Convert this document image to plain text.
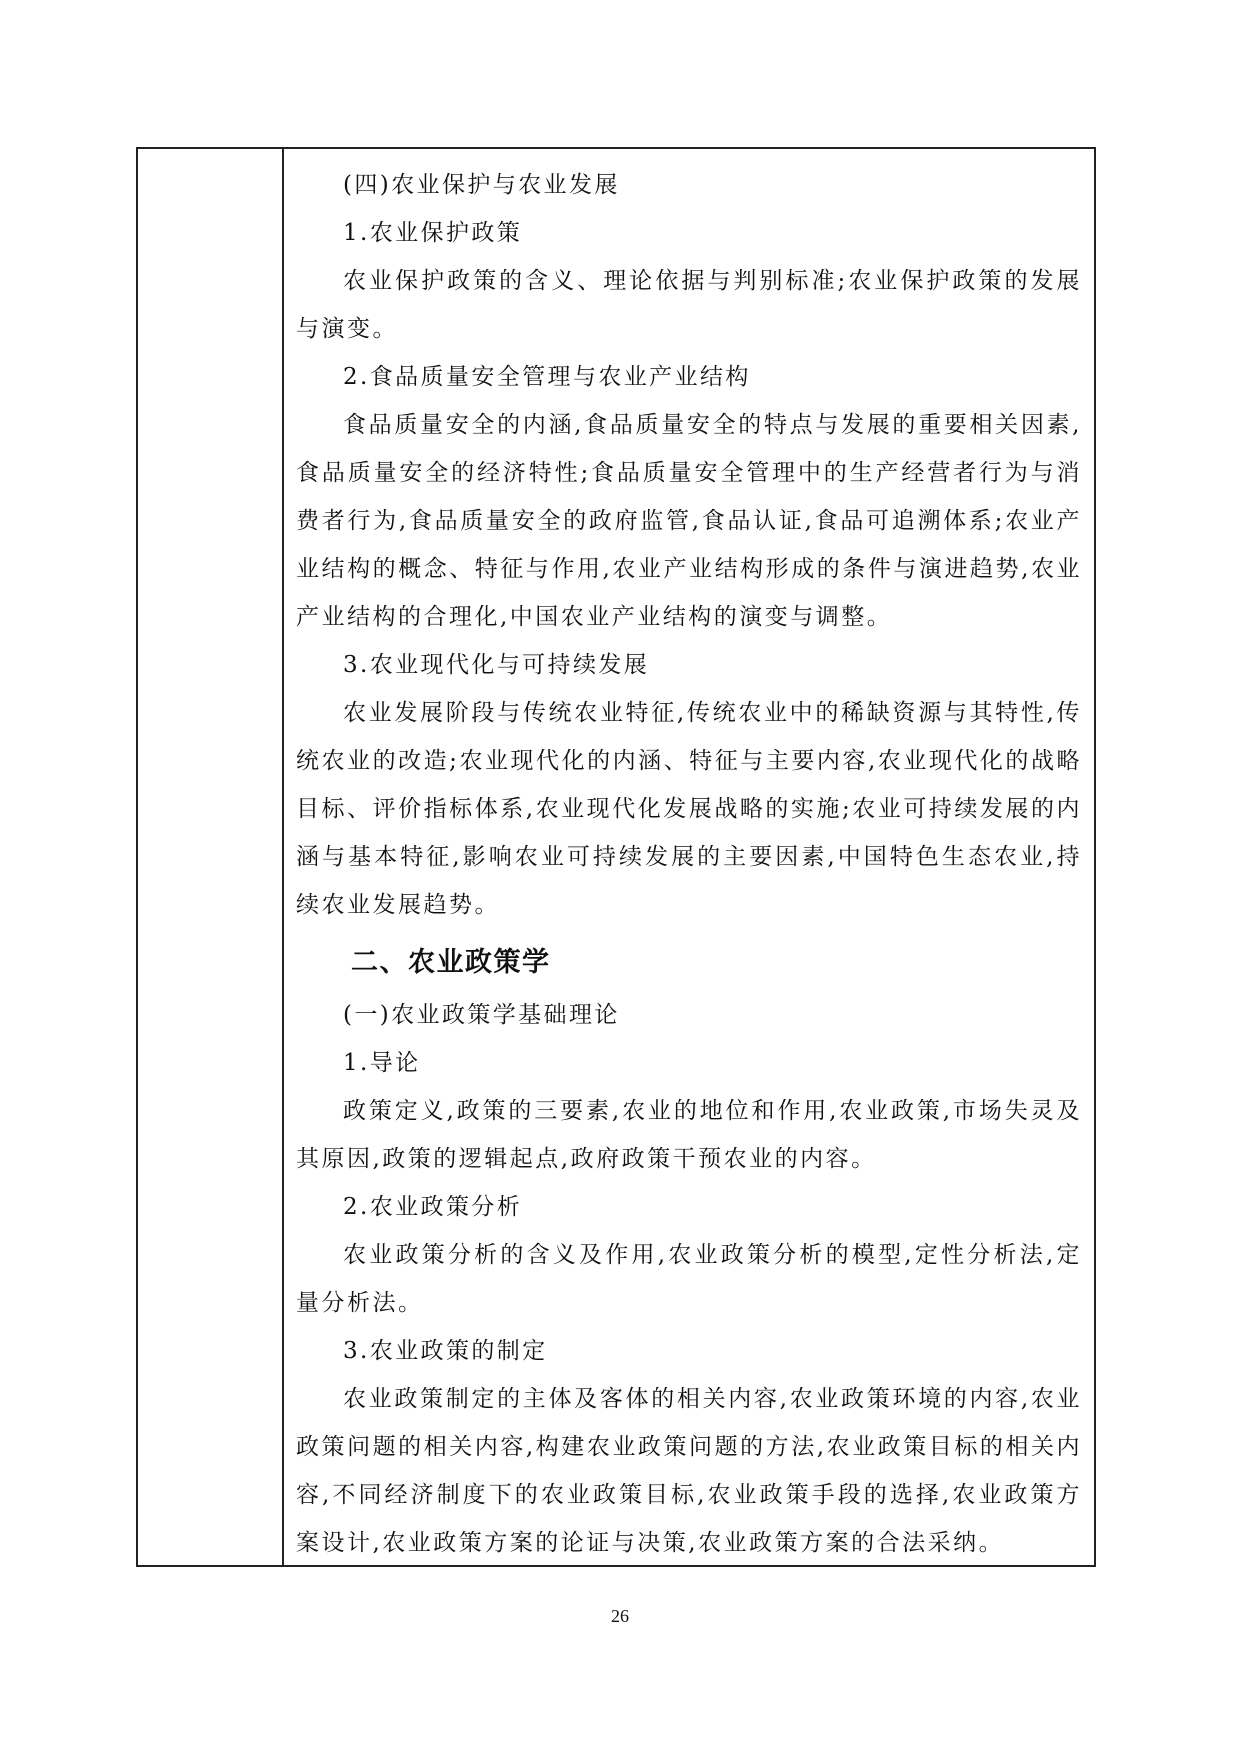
(四)农业保护与农业发展
1.农业保护政策

农业保护政策的含义、理论依据与判别标准;农业保护政策的发展与演变。

2.食品质量安全管理与农业产业结构

食品质量安全的内涵,食品质量安全的特点与发展的重要相关因素,食品质量安全的经济特性;食品质量安全管理中的生产经营者行为与消费者行为,食品质量安全的政府监管,食品认证,食品可追溯体系;农业产业结构的概念、特征与作用,农业产业结构形成的条件与演进趋势,农业产业结构的合理化,中国农业产业结构的演变与调整。

3.农业现代化与可持续发展

农业发展阶段与传统农业特征,传统农业中的稀缺资源与其特性,传统农业的改造;农业现代化的内涵、特征与主要内容,农业现代化的战略目标、评价指标体系,农业现代化发展战略的实施;农业可持续发展的内涵与基本特征,影响农业可持续发展的主要因素,中国特色生态农业,持续农业发展趋势。

二、农业政策学
(一)农业政策学基础理论
1.导论

政策定义,政策的三要素,农业的地位和作用,农业政策,市场失灵及其原因,政策的逻辑起点,政府政策干预农业的内容。

2.农业政策分析

农业政策分析的含义及作用,农业政策分析的模型,定性分析法,定量分析法。

3.农业政策的制定

农业政策制定的主体及客体的相关内容,农业政策环境的内容,农业政策问题的相关内容,构建农业政策问题的方法,农业政策目标的相关内容,不同经济制度下的农业政策目标,农业政策手段的选择,农业政策方案设计,农业政策方案的论证与决策,农业政策方案的合法采纳。

26
